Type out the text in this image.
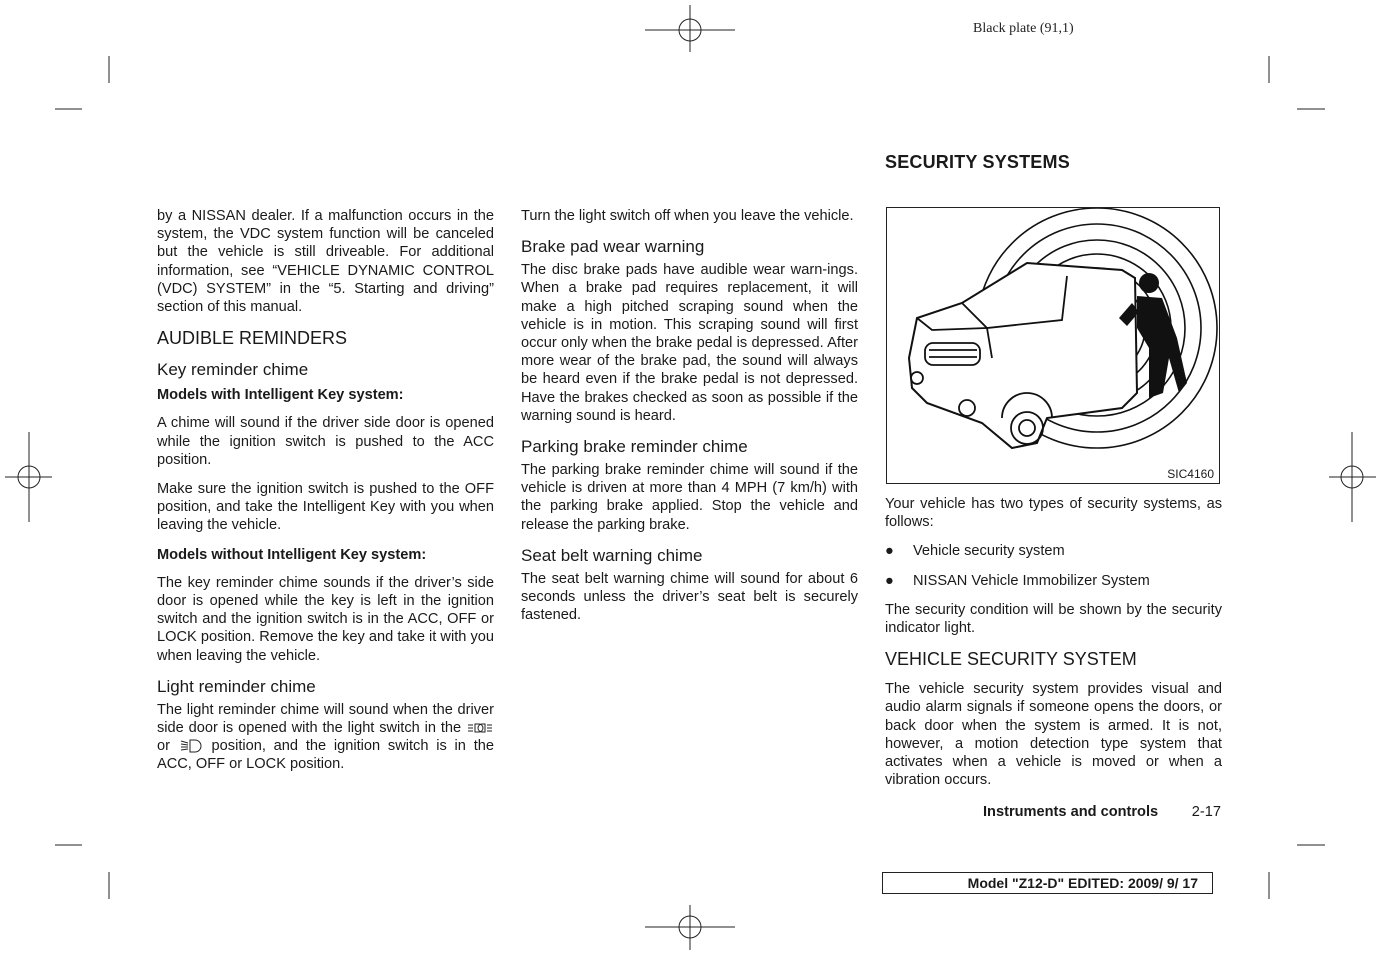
Black plate (91,1)

by a NISSAN dealer. If a malfunction occurs in the system, the VDC system function will be canceled but the vehicle is still driveable. For additional information, see “VEHICLE DYNAMIC CONTROL (VDC) SYSTEM” in the “5. Starting and driving” section of this manual.

AUDIBLE REMINDERS
Key reminder chime
Models with Intelligent Key system:

A chime will sound if the driver side door is opened while the ignition switch is pushed to the ACC position.

Make sure the ignition switch is pushed to the OFF position, and take the Intelligent Key with you when leaving the vehicle.

Models without Intelligent Key system:

The key reminder chime sounds if the driver’s side door is opened while the key is left in the ignition switch and the ignition switch is in the ACC, OFF or LOCK position. Remove the key and take it with you when leaving the vehicle.

Light reminder chime

The light reminder chime will sound when the driver side door is opened with the light switch in the  or	position, and the ignition switch is in the ACC, OFF or LOCK position.

Turn the light switch off when you leave the vehicle.

Brake pad wear warning

The disc brake pads have audible wear warn-ings. When a brake pad requires replacement, it will make a high pitched scraping sound when the vehicle is in motion. This scraping sound will first occur only when the brake pedal is depressed. After more wear of the brake pad, the sound will always be heard even if the brake pedal is not depressed. Have the brakes checked as soon as possible if the warning sound is heard.

Parking brake reminder chime

The parking brake reminder chime will sound if the vehicle is driven at more than 4 MPH (7 km/h) with the parking brake applied. Stop the vehicle and release the parking brake.

Seat belt warning chime

The seat belt warning chime will sound for about 6 seconds unless the driver’s seat belt is securely fastened.

SECURITY SYSTEMS
SIC4160

Your vehicle has two types of security systems, as follows:

●	Vehicle security system
●	NISSAN Vehicle Immobilizer System

The security condition will be shown by the security indicator light.

VEHICLE SECURITY SYSTEM

The vehicle security system provides visual and audio alarm signals if someone opens the doors, or back door when the system is armed. It is not, however, a motion detection type system that activates when a vehicle is moved or when a vibration occurs.

Instruments and controls 2-17
Model "Z12-D" EDITED: 2009/ 9/ 17
